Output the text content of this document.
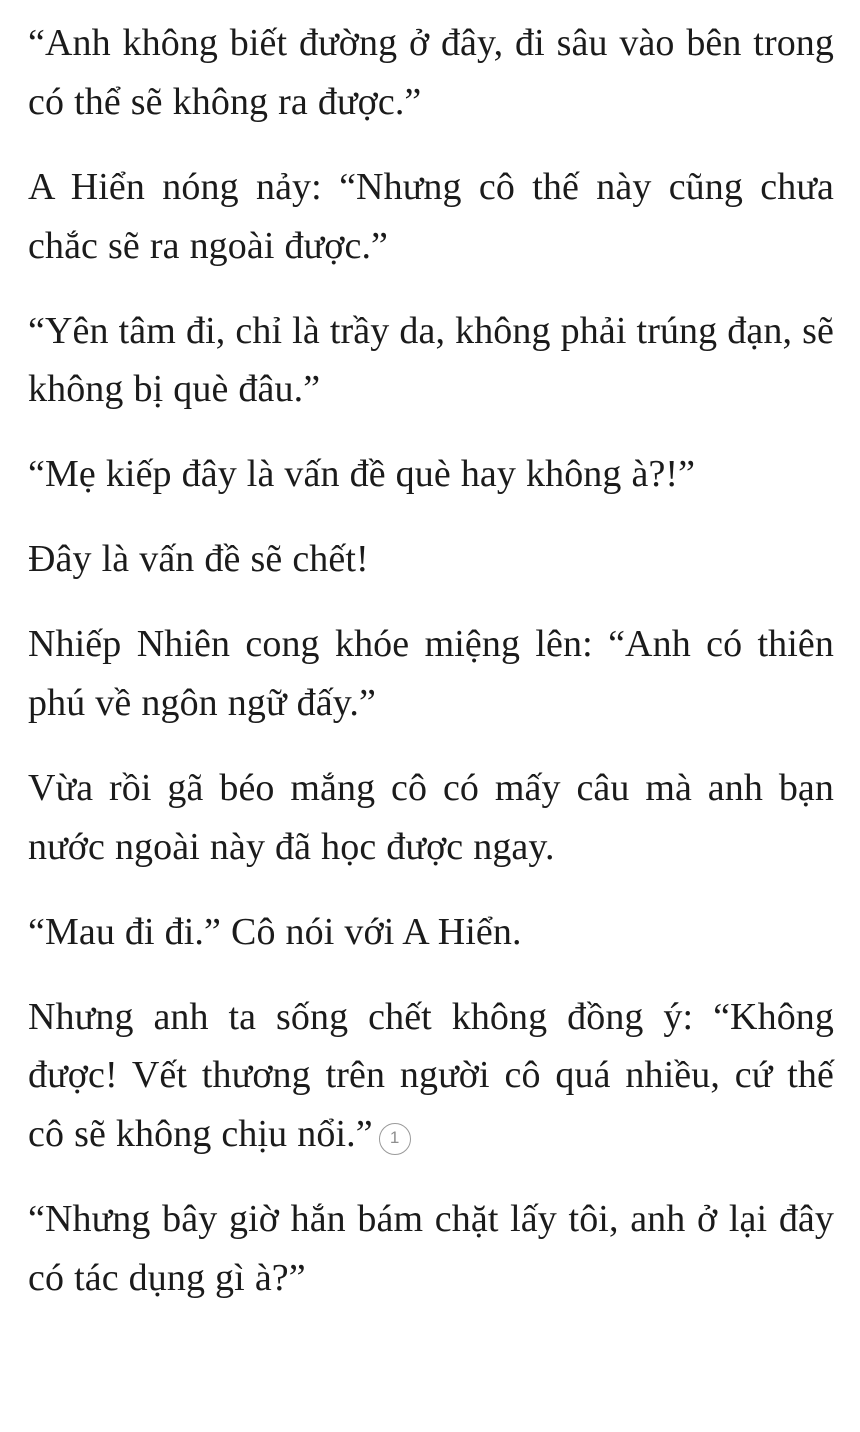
“Anh không biết đường ở đây, đi sâu vào bên trong có thể sẽ không ra được.”

A Hiển nóng nảy: “Nhưng cô thế này cũng chưa chắc sẽ ra ngoài được.”

“Yên tâm đi, chỉ là trầy da, không phải trúng đạn, sẽ không bị què đâu.”

“Mẹ kiếp đây là vấn đề què hay không à?!”

Đây là vấn đề sẽ chết!

Nhiếp Nhiên cong khóe miệng lên: “Anh có thiên phú về ngôn ngữ đấy.”

Vừa rồi gã béo mắng cô có mấy câu mà anh bạn nước ngoài này đã học được ngay.

“Mau đi đi.” Cô nói với A Hiển.

Nhưng anh ta sống chết không đồng ý: “Không được! Vết thương trên người cô quá nhiều, cứ thế cô sẽ không chịu nổi.” 1

“Nhưng bây giờ hắn bám chặt lấy tôi, anh ở lại đây có tác dụng gì à?”
